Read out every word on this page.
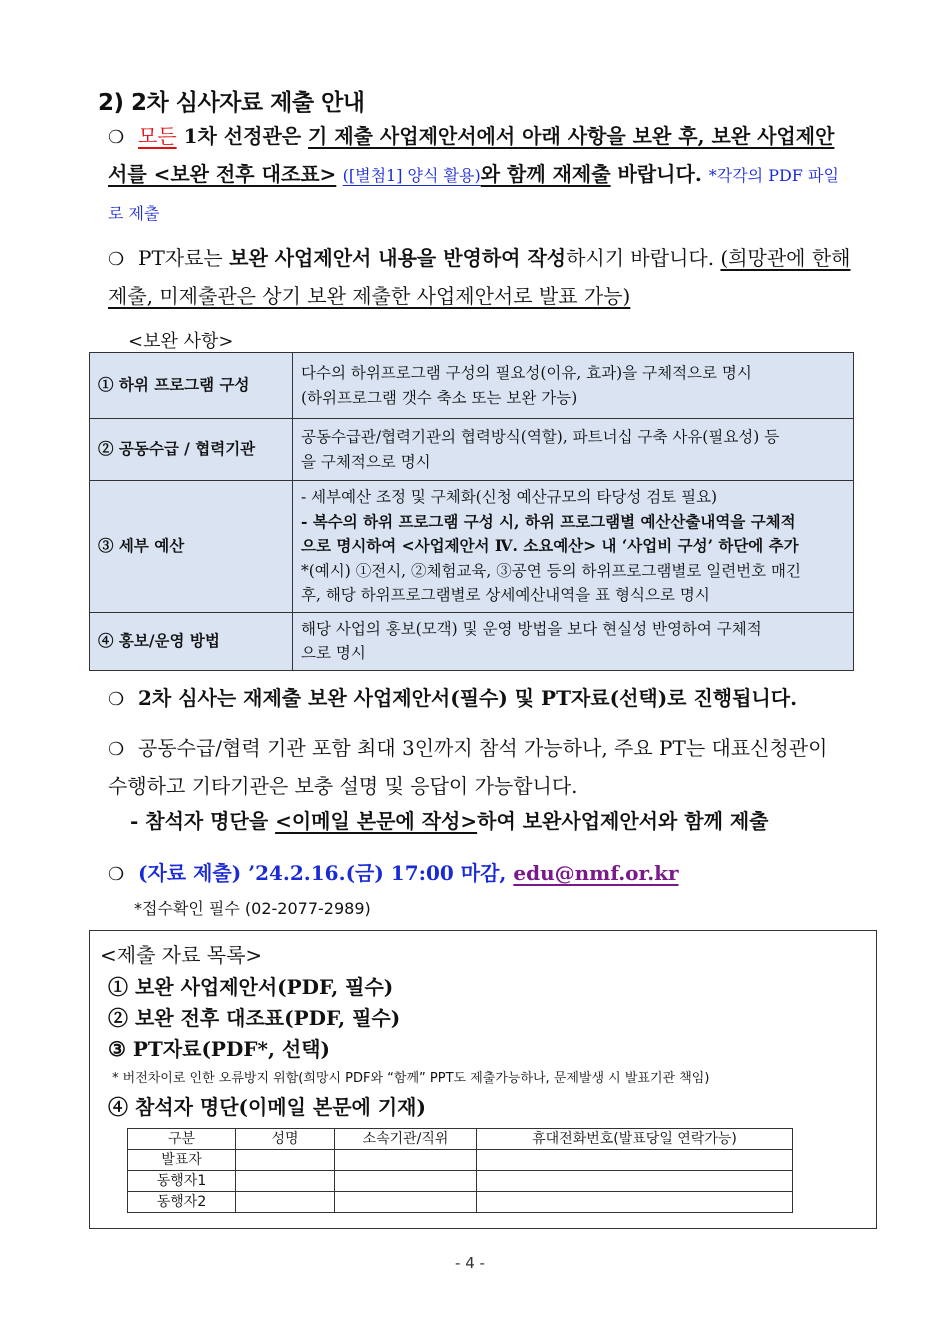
2) 2차 심사자료 제출 안내
❍ 모든 1차 선정관은 기 제출 사업제안서에서 아래 사항을 보완 후, 보완 사업제안서를 <보완 전후 대조표> ([별첨1] 양식 활용)와 함께 재제출 바랍니다. *각각의 PDF 파일로 제출
❍ PT자료는 보완 사업제안서 내용을 반영하여 작성하시기 바랍니다. (희망관에 한해 제출, 미제출관은 상기 보완 제출한 사업제안서로 발표 가능)
<보완 사항>
① 하위 프로그램 구성	다수의 하위프로그램 구성의 필요성(이유, 효과)을 구체적으로 명시
(하위프로그램 갯수 축소 또는 보완 가능)

② 공동수급 / 협력기관	공동수급관/협력기관의 협력방식(역할), 파트너십 구축 사유(필요성) 등
을 구체적으로 명시

③ 세부 예산	- 세부예산 조정 및 구체화(신청 예산규모의 타당성 검토 필요)
- 복수의 하위 프로그램 구성 시, 하위 프로그램별 예산산출내역을 구체적
으로 명시하여 <사업제안서 Ⅳ. 소요예산> 내 ‘사업비 구성’ 하단에 추가
*(예시) ①전시, ②체험교육, ③공연 등의 하위프로그램별로 일련번호 매긴
후, 해당 하위프로그램별로 상세예산내역을 표 형식으로 명시

④ 홍보/운영 방법	해당 사업의 홍보(모객) 및 운영 방법을 보다 현실성 반영하여 구체적
으로 명시
❍ 2차 심사는 재제출 보완 사업제안서(필수) 및 PT자료(선택)로 진행됩니다.
❍ 공동수급/협력 기관 포함 최대 3인까지 참석 가능하나, 주요 PT는 대표신청관이 수행하고 기타기관은 보충 설명 및 응답이 가능합니다.
- 참석자 명단을 <이메일 본문에 작성>하여 보완사업제안서와 함께 제출
❍ (자료 제출) ’24.2.16.(금) 17:00 마감, edu@nmf.or.kr
*접수확인 필수 (02-2077-2989)
<제출 자료 목록>
① 보완 사업제안서(PDF, 필수)
② 보완 전후 대조표(PDF, 필수)
③ PT자료(PDF*, 선택)
* 버전차이로 인한 오류방지 위함(희망시 PDF와 “함께” PPT도 제출가능하나, 문제발생 시 발표기관 책임)
④ 참석자 명단(이메일 본문에 기재)
구분	성명	소속기관/직위	휴대전화번호(발표당일 연락가능)
발표자			
동행자1			
동행자2			
- 4 -
